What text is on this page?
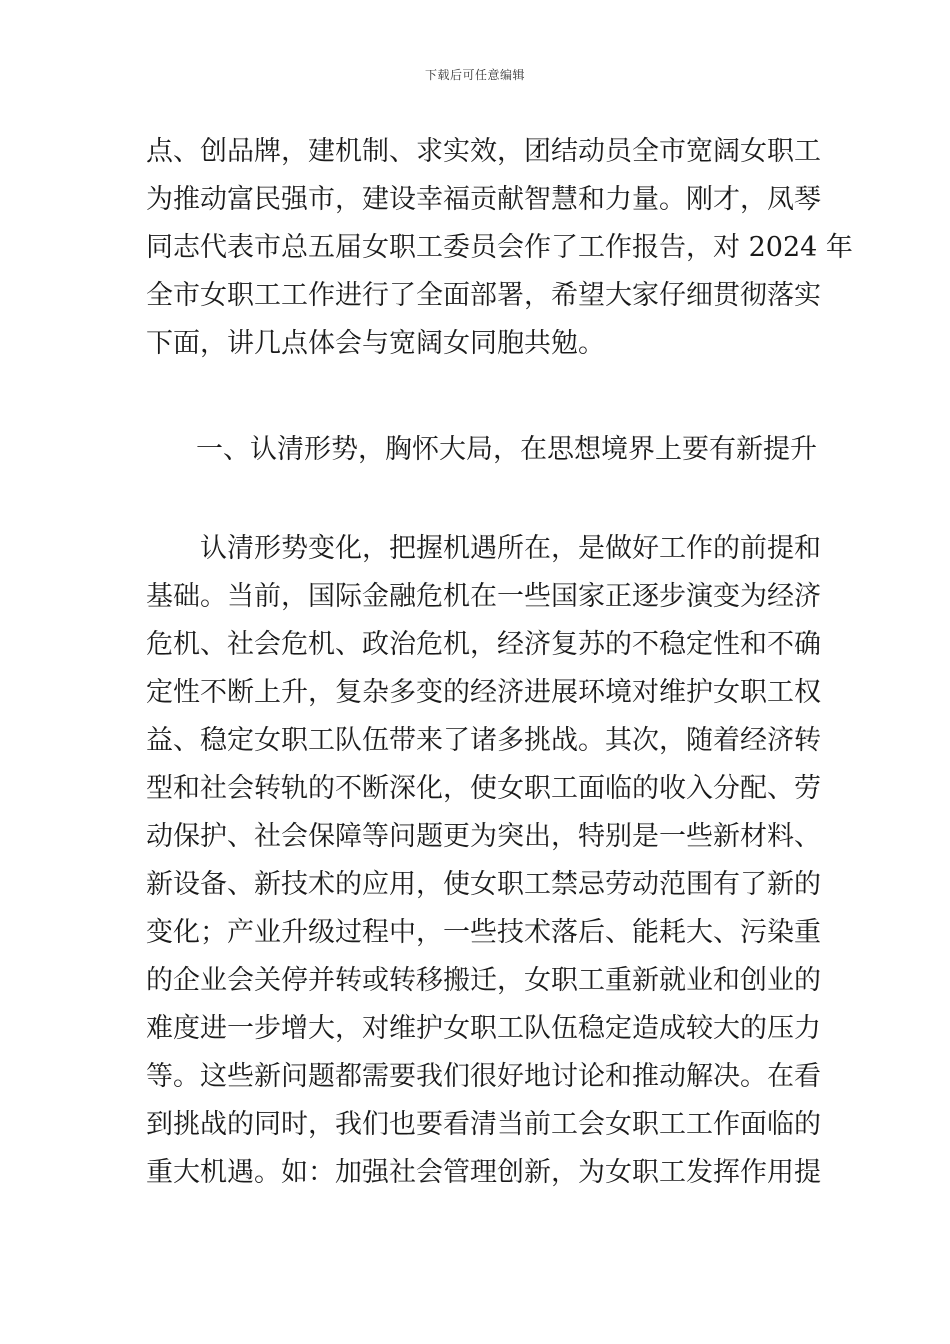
下载后可任意编辑
点、创品牌，建机制、求实效，团结动员全市宽阔女职工
为推动富民强市，建设幸福贡献智慧和力量。刚才，凤琴
同志代表市总五届女职工委员会作了工作报告，对 2024 年
全市女职工工作进行了全面部署，希望大家仔细贯彻落实
下面，讲几点体会与宽阔女同胞共勉。
一、认清形势，胸怀大局，在思想境界上要有新提升
　　认清形势变化，把握机遇所在，是做好工作的前提和
基础。当前，国际金融危机在一些国家正逐步演变为经济
危机、社会危机、政治危机，经济复苏的不稳定性和不确
定性不断上升，复杂多变的经济进展环境对维护女职工权
益、稳定女职工队伍带来了诸多挑战。其次，随着经济转
型和社会转轨的不断深化，使女职工面临的收入分配、劳
动保护、社会保障等问题更为突出，特别是一些新材料、
新设备、新技术的应用，使女职工禁忌劳动范围有了新的
变化；产业升级过程中，一些技术落后、能耗大、污染重
的企业会关停并转或转移搬迁，女职工重新就业和创业的
难度进一步增大，对维护女职工队伍稳定造成较大的压力
等。这些新问题都需要我们很好地讨论和推动解决。在看
到挑战的同时，我们也要看清当前工会女职工工作面临的
重大机遇。如：加强社会管理创新，为女职工发挥作用提
